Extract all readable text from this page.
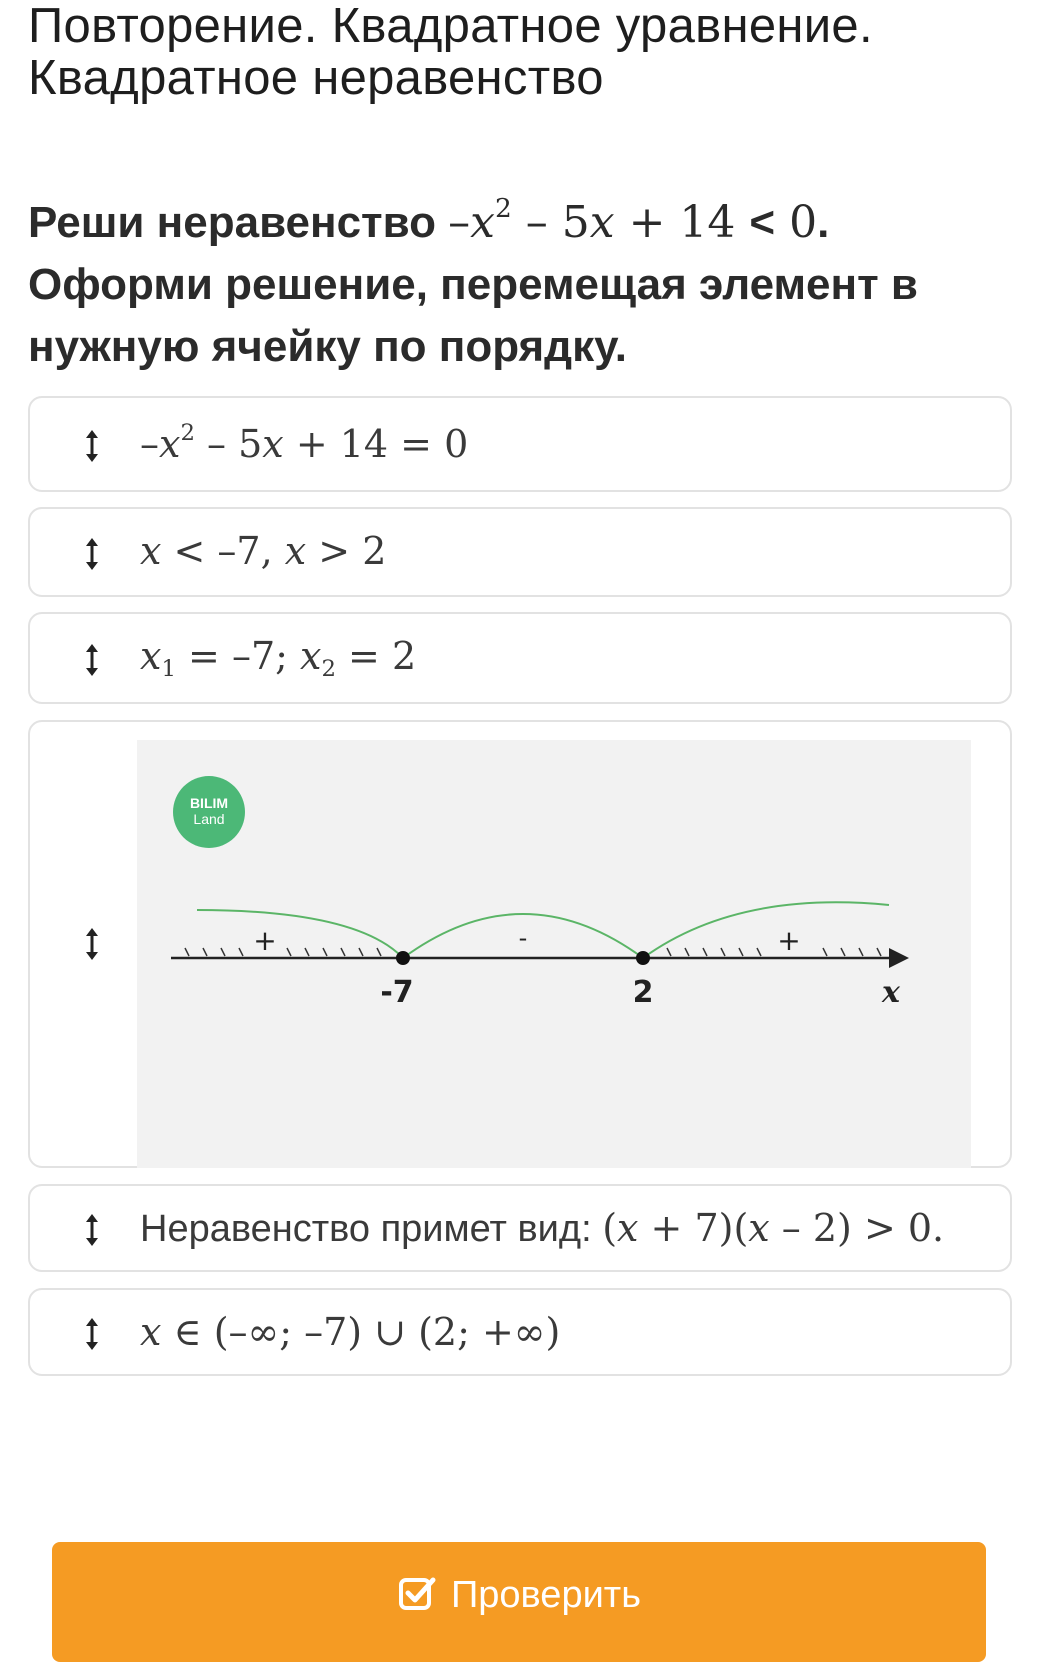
Повторение. Квадратное уравнение.
Квадратное неравенство
Реши неравенство $-x^2 - 5x + 14 < 0$.
Оформи решение, перемещая элемент в
нужную ячейку по порядку.
$-x^2 - 5x + 14 = 0$
x < –7, x > 2
$x_1 = -7$; $x_2 = 2$
BILIM
Land
+	-	+
-7	2	x
Неравенство примет вид: (x + 7)(x – 2) > 0.
x ∈ (–∞; –7) ∪ (2; +∞)
Проверить
